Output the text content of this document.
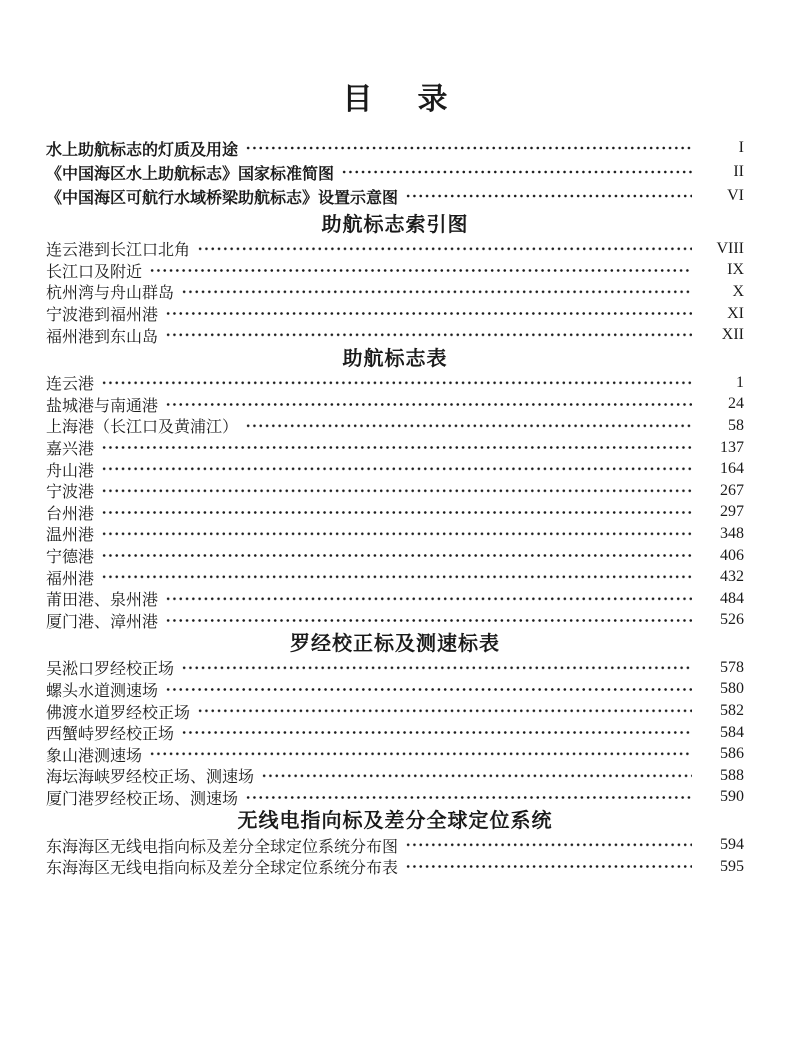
目　录
水上助航标志的灯质及用途	I
《中国海区水上助航标志》国家标准简图	II
《中国海区可航行水域桥梁助航标志》设置示意图	VI
助航标志索引图
连云港到长江口北角	VIII
长江口及附近	IX
杭州湾与舟山群岛	X
宁波港到福州港	XI
福州港到东山岛	XII
助航标志表
连云港	1
盐城港与南通港	24
上海港（长江口及黄浦江）	58
嘉兴港	137
舟山港	164
宁波港	267
台州港	297
温州港	348
宁德港	406
福州港	432
莆田港、泉州港	484
厦门港、漳州港	526
罗经校正标及测速标表
吴淞口罗经校正场	578
螺头水道测速场	580
佛渡水道罗经校正场	582
西蟹峙罗经校正场	584
象山港测速场	586
海坛海峡罗经校正场、测速场	588
厦门港罗经校正场、测速场	590
无线电指向标及差分全球定位系统
东海海区无线电指向标及差分全球定位系统分布图	594
东海海区无线电指向标及差分全球定位系统分布表	595
